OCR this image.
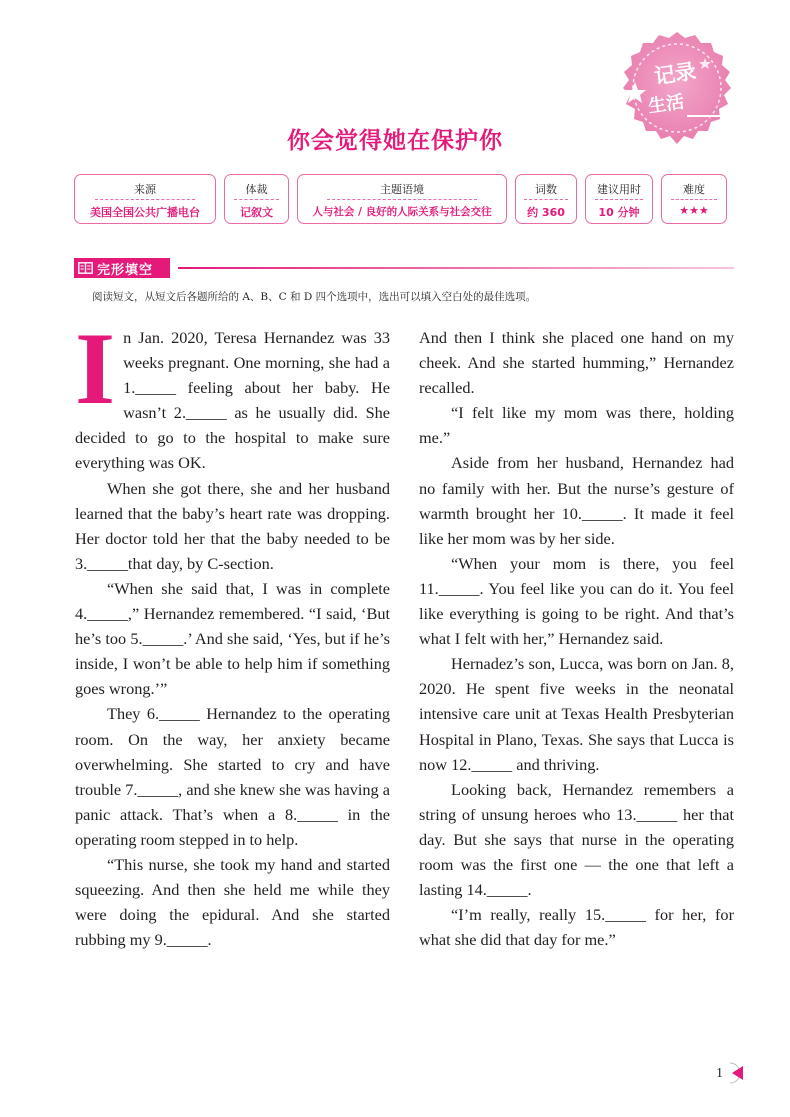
记录
生活
你会觉得她在保护你
来源
美国全国公共广播电台
体裁
记叙文
主题语境
人与社会 / 良好的人际关系与社会交往
词数
约 360
建议用时
10 分钟
难度
★★★
完形填空
阅读短文，从短文后各题所给的 A、B、C 和 D 四个选项中，选出可以填入空白处的最佳选项。

In Jan. 2020, Teresa Hernandez was 33 weeks pregnant. One morning, she had a 1._____ feeling about her baby. He wasn’t 2._____ as he usually did. She decided to go to the hospital to make sure everything was OK.

When she got there, she and her husband learned that the baby’s heart rate was dropping. Her doctor told her that the baby needed to be 3._____that day, by C-section.

“When she said that, I was in complete 4._____,” Hernandez remembered. “I said, ‘But he’s too 5._____.’ And she said, ‘Yes, but if he’s inside, I won’t be able to help him if something goes wrong.’”

They 6._____ Hernandez to the operating room. On the way, her anxiety became overwhelming. She started to cry and have trouble 7._____, and she knew she was having a panic attack. That’s when a 8._____ in the operating room stepped in to help.

“This nurse, she took my hand and started squeezing. And then she held me while they were doing the epidural. And she started rubbing my 9._____.

And then I think she placed one hand on my cheek. And she started humming,” Hernandez recalled.

“I felt like my mom was there, holding me.”

Aside from her husband, Hernandez had no family with her. But the nurse’s gesture of warmth brought her 10._____. It made it feel like her mom was by her side.

“When your mom is there, you feel 11._____. You feel like you can do it. You feel like everything is going to be right. And that’s what I felt with her,” Hernandez said.

Hernadez’s son, Lucca, was born on Jan. 8, 2020. He spent five weeks in the neonatal intensive care unit at Texas Health Presbyterian Hospital in Plano, Texas. She says that Lucca is now 12._____ and thriving.

Looking back, Hernandez remembers a string of unsung heroes who 13._____ her that day. But she says that nurse in the operating room was the first one — the one that left a lasting 14._____.

“I’m really, really 15._____ for her, for what she did that day for me.”

1
